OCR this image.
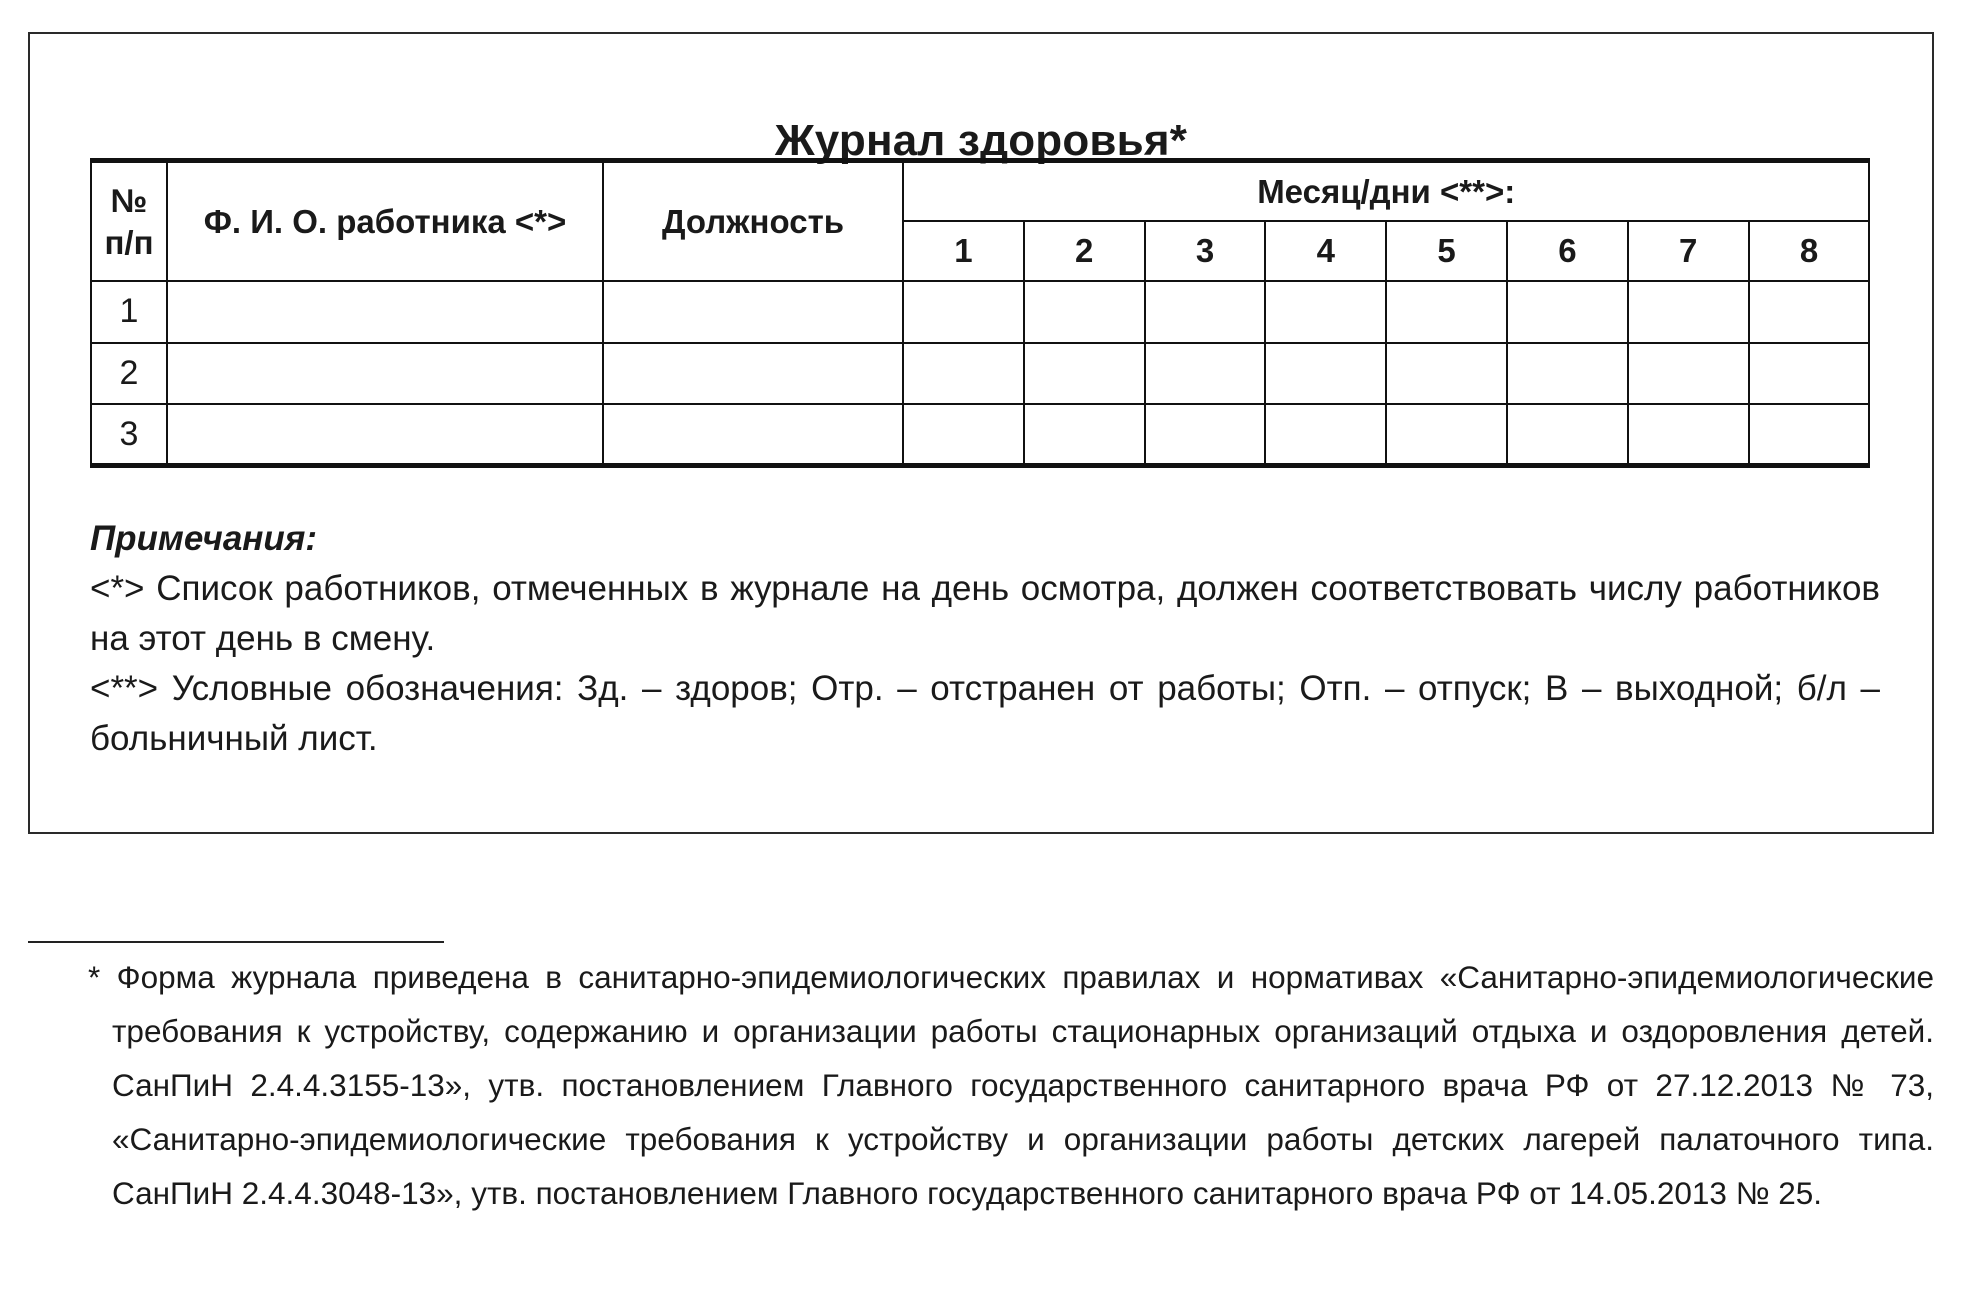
Журнал здоровья*
№ п/п	Ф. И. О. работника <*>	Должность	Месяц/дни <**>:							
			1	2	3	4	5	6	7	8
1										
2										
3										

Примечания:

<*> Список работников, отмеченных в журнале на день осмотра, должен соответствовать числу работников на этот день в смену.

<**> Условные обозначения: Зд. – здоров; Отр. – отстранен от работы; Отп. – отпуск; В – выходной; б/л – больничный лист.

* Форма журнала приведена в санитарно-эпидемиологических правилах и нормативах «Санитарно-эпидемиологические требования к устройству, содержанию и организации работы стационарных организаций отдыха и оздоровления детей. СанПиН 2.4.4.3155-13», утв. постановлением Главного государственного санитарного врача РФ от 27.12.2013 № 73, «Санитарно-эпидемиологические требования к устройству и организации работы детских лагерей палаточного типа. СанПиН 2.4.4.3048-13», утв. постановлением Главного государственного санитарного врача РФ от 14.05.2013 № 25.
